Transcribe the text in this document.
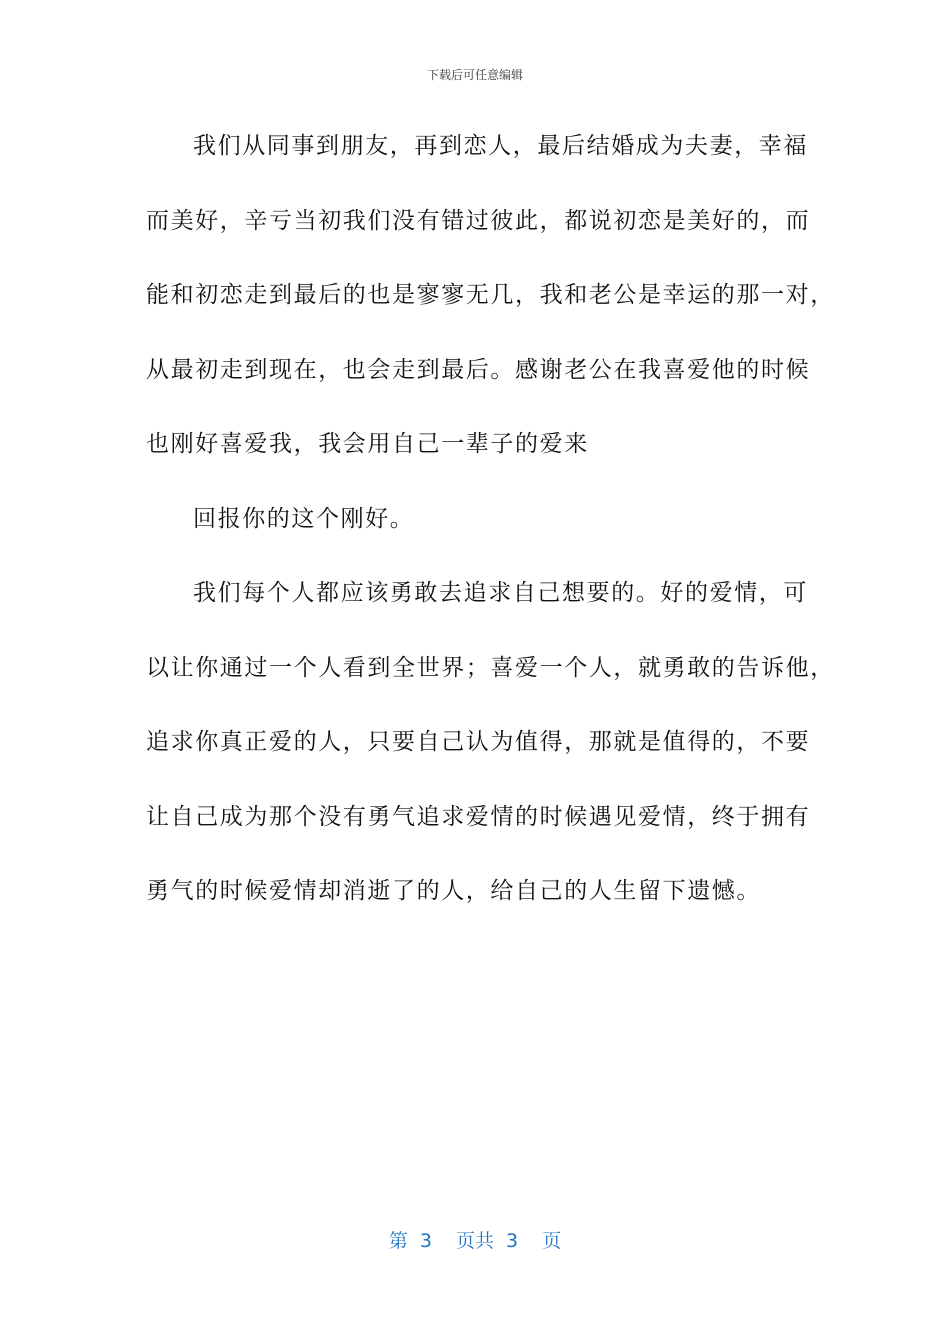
下载后可任意编辑
我们从同事到朋友，再到恋人，最后结婚成为夫妻，幸福
而美好，辛亏当初我们没有错过彼此，都说初恋是美好的，而
能和初恋走到最后的也是寥寥无几，我和老公是幸运的那一对，
从最初走到现在，也会走到最后。感谢老公在我喜爱他的时候
也刚好喜爱我，我会用自己一辈子的爱来
回报你的这个刚好。
我们每个人都应该勇敢去追求自己想要的。好的爱情，可
以让你通过一个人看到全世界；喜爱一个人，就勇敢的告诉他，
追求你真正爱的人，只要自己认为值得，那就是值得的，不要
让自己成为那个没有勇气追求爱情的时候遇见爱情，终于拥有
勇气的时候爱情却消逝了的人，给自己的人生留下遗憾。
第 3  页共 3  页
